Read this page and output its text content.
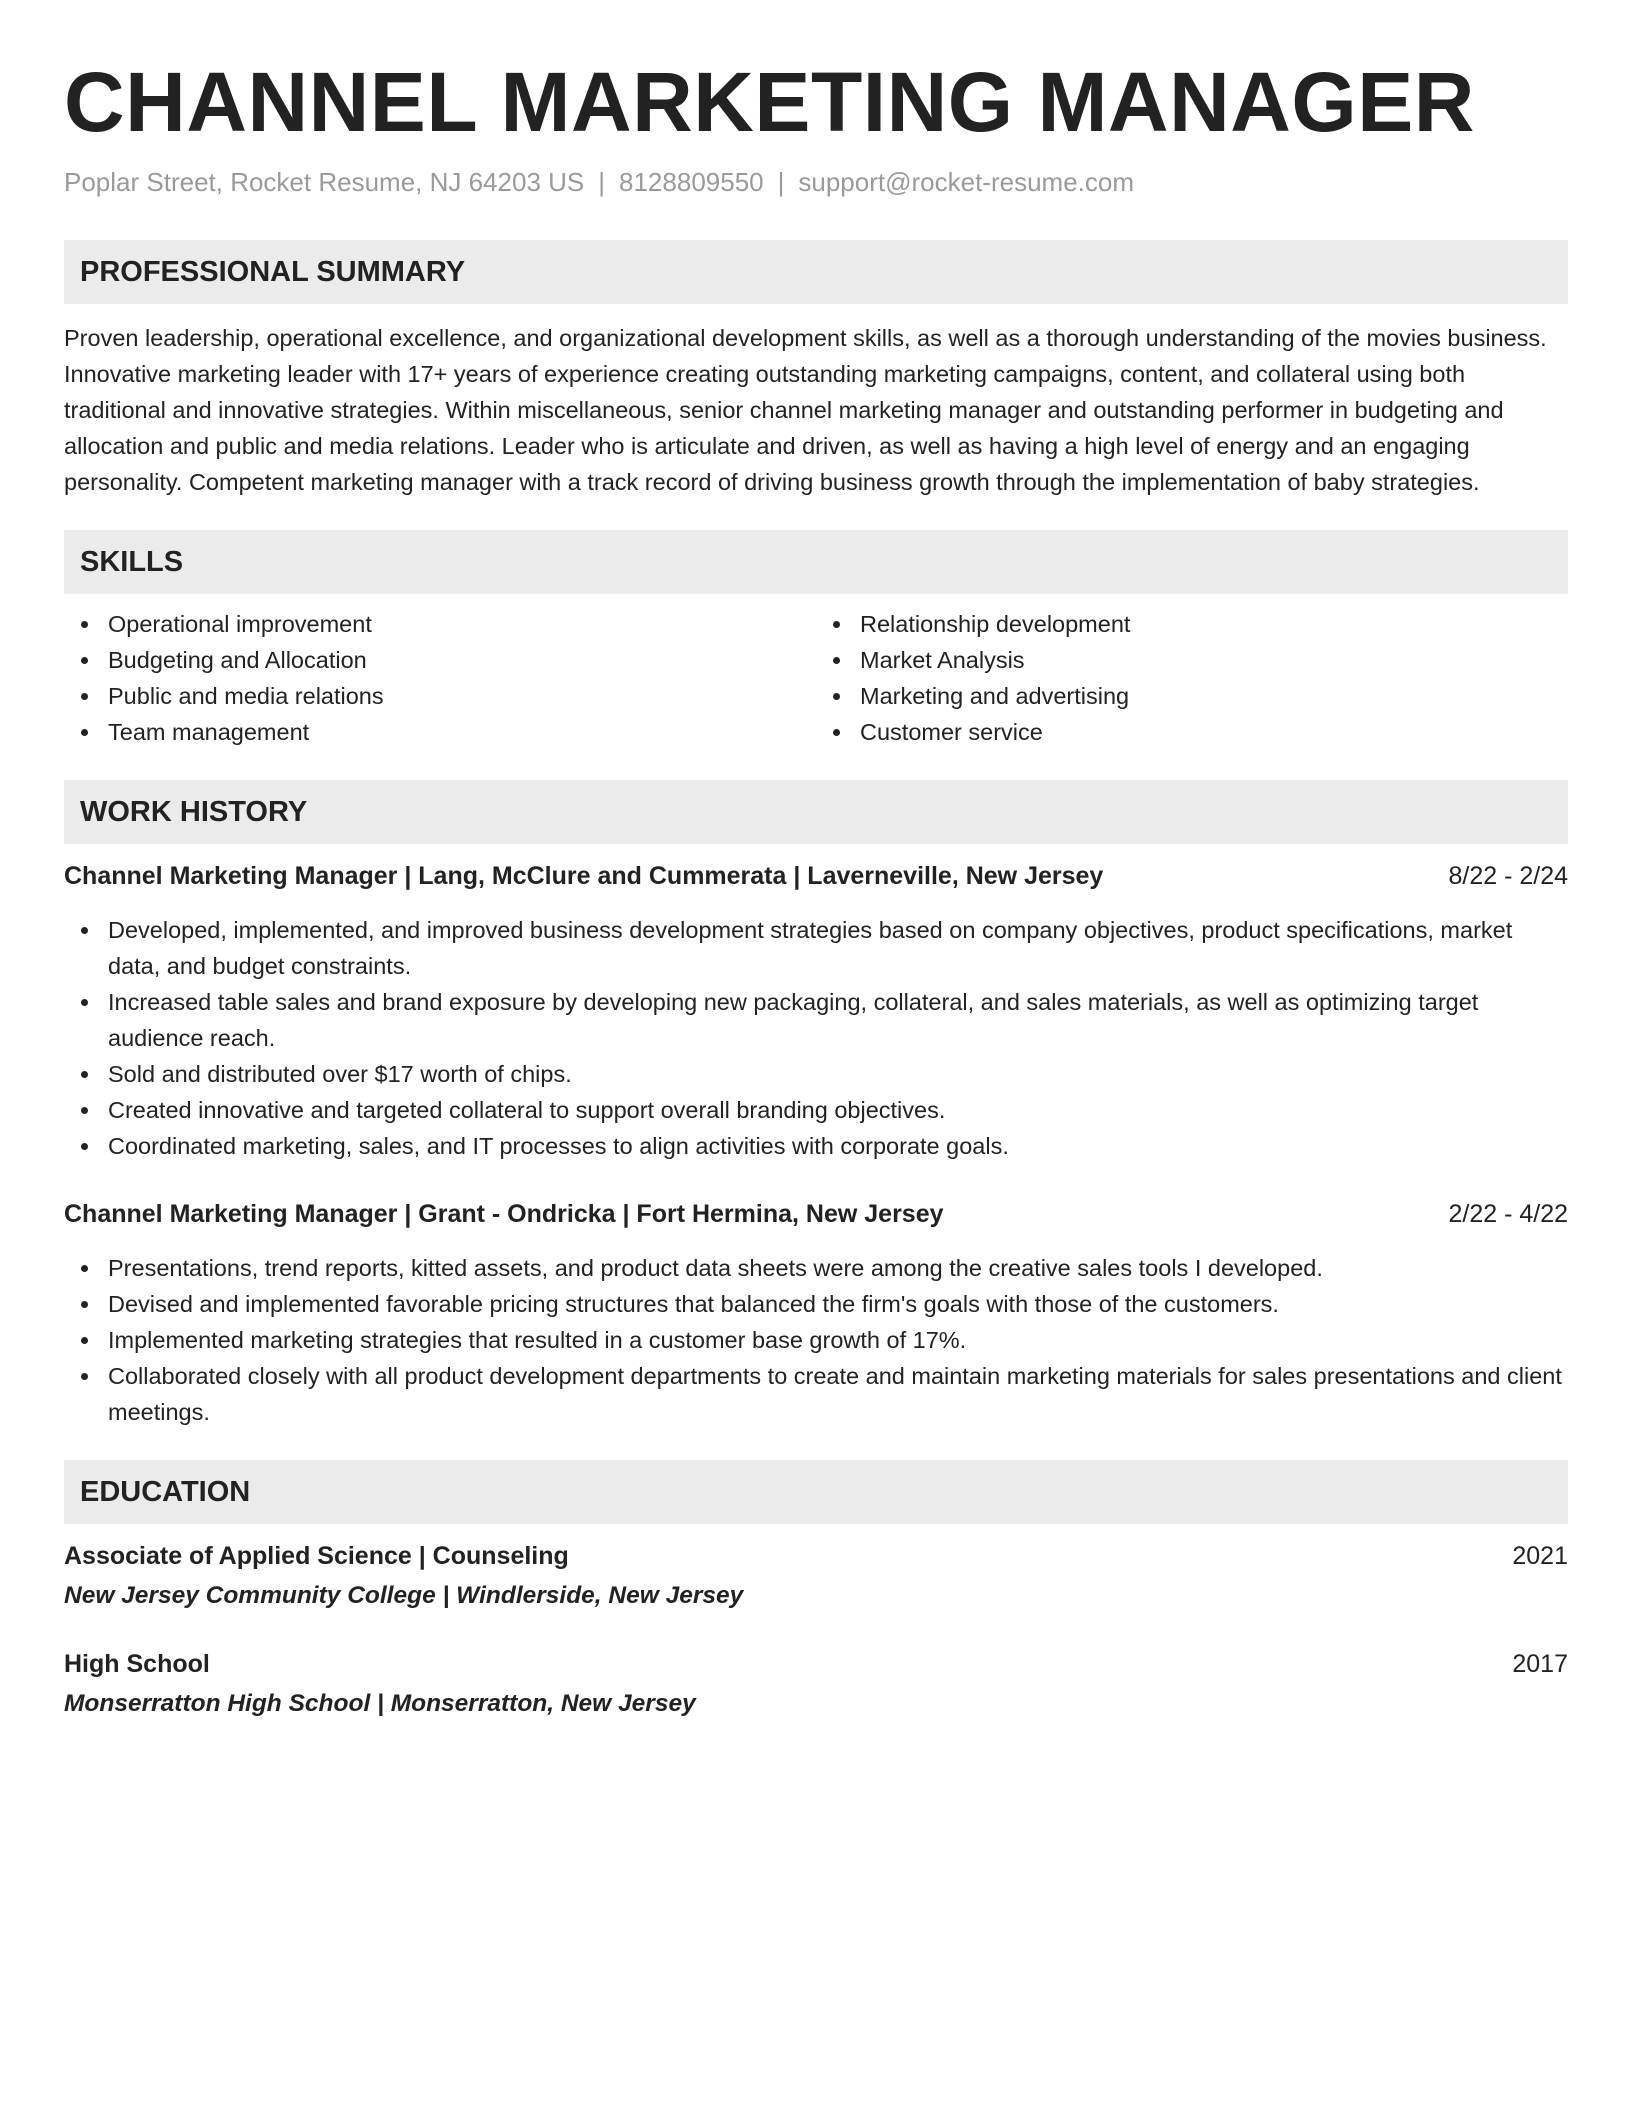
CHANNEL MARKETING MANAGER
Poplar Street, Rocket Resume, NJ 64203 US | 8128809550 | support@rocket-resume.com
PROFESSIONAL SUMMARY

Proven leadership, operational excellence, and organizational development skills, as well as a thorough understanding of the movies business. Innovative marketing leader with 17+ years of experience creating outstanding marketing campaigns, content, and collateral using both traditional and innovative strategies. Within miscellaneous, senior channel marketing manager and outstanding performer in budgeting and allocation and public and media relations. Leader who is articulate and driven, as well as having a high level of energy and an engaging personality. Competent marketing manager with a track record of driving business growth through the implementation of baby strategies.

SKILLS
Operational improvement
Budgeting and Allocation
Public and media relations
Team management
Relationship development
Market Analysis
Marketing and advertising
Customer service
WORK HISTORY
Channel Marketing Manager | Lang, McClure and Cummerata | Laverneville, New Jersey	8/22 - 2/24
Developed, implemented, and improved business development strategies based on company objectives, product specifications, market data, and budget constraints.
Increased table sales and brand exposure by developing new packaging, collateral, and sales materials, as well as optimizing target audience reach.
Sold and distributed over $17 worth of chips.
Created innovative and targeted collateral to support overall branding objectives.
Coordinated marketing, sales, and IT processes to align activities with corporate goals.
Channel Marketing Manager | Grant - Ondricka | Fort Hermina, New Jersey	2/22 - 4/22
Presentations, trend reports, kitted assets, and product data sheets were among the creative sales tools I developed.
Devised and implemented favorable pricing structures that balanced the firm's goals with those of the customers.
Implemented marketing strategies that resulted in a customer base growth of 17%.
Collaborated closely with all product development departments to create and maintain marketing materials for sales presentations and client meetings.
EDUCATION
Associate of Applied Science | Counseling	2021
New Jersey Community College | Windlerside, New Jersey
High School	2017
Monserratton High School | Monserratton, New Jersey
